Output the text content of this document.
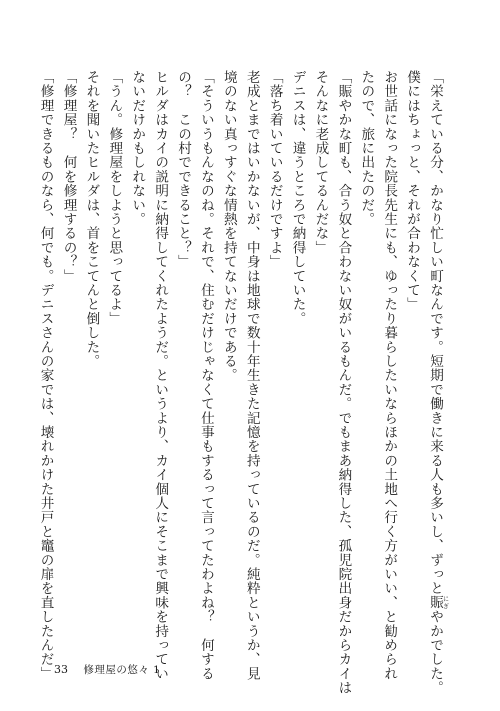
「栄えている分、かなり忙しい町なんです。短期で働きに来る人も多いし、ずっと賑にぎやかでした。
僕にはちょっと、それが合わなくて」
お世話になった院長先生にも、ゆったり暮らしたいならほかの土地へ行く方がいい、と勧められ
たので、旅に出たのだ。
「賑やかな町も、合う奴と合わない奴がいるもんだ。でもまあ納得した、孤児院出身だからカイは
そんなに老成してるんだな」
デニスは、違うところで納得していた。
「落ち着いているだけですよ」
老成とまではいかないが、中身は地球で数十年生きた記憶を持っているのだ。純粋というか、見
境のない真っすぐな情熱を持てないだけである。
「そういうもんなのね。それで、住むだけじゃなくて仕事もするって言ってたわよね？　何する
の？　この村でできること？」
ヒルダはカイの説明に納得してくれたようだ。というより、カイ個人にそこまで興味を持ってい
ないだけかもしれない。
「うん。修理屋をしようと思ってるよ」
それを聞いたヒルダは、首をこてんと倒した。
「修理屋？　何を修理するの？」
「修理できるものなら、何でも。デニスさんの家では、壊れかけた井戸と竈の扉を直したんだ」 33 修理屋の悠々 1
